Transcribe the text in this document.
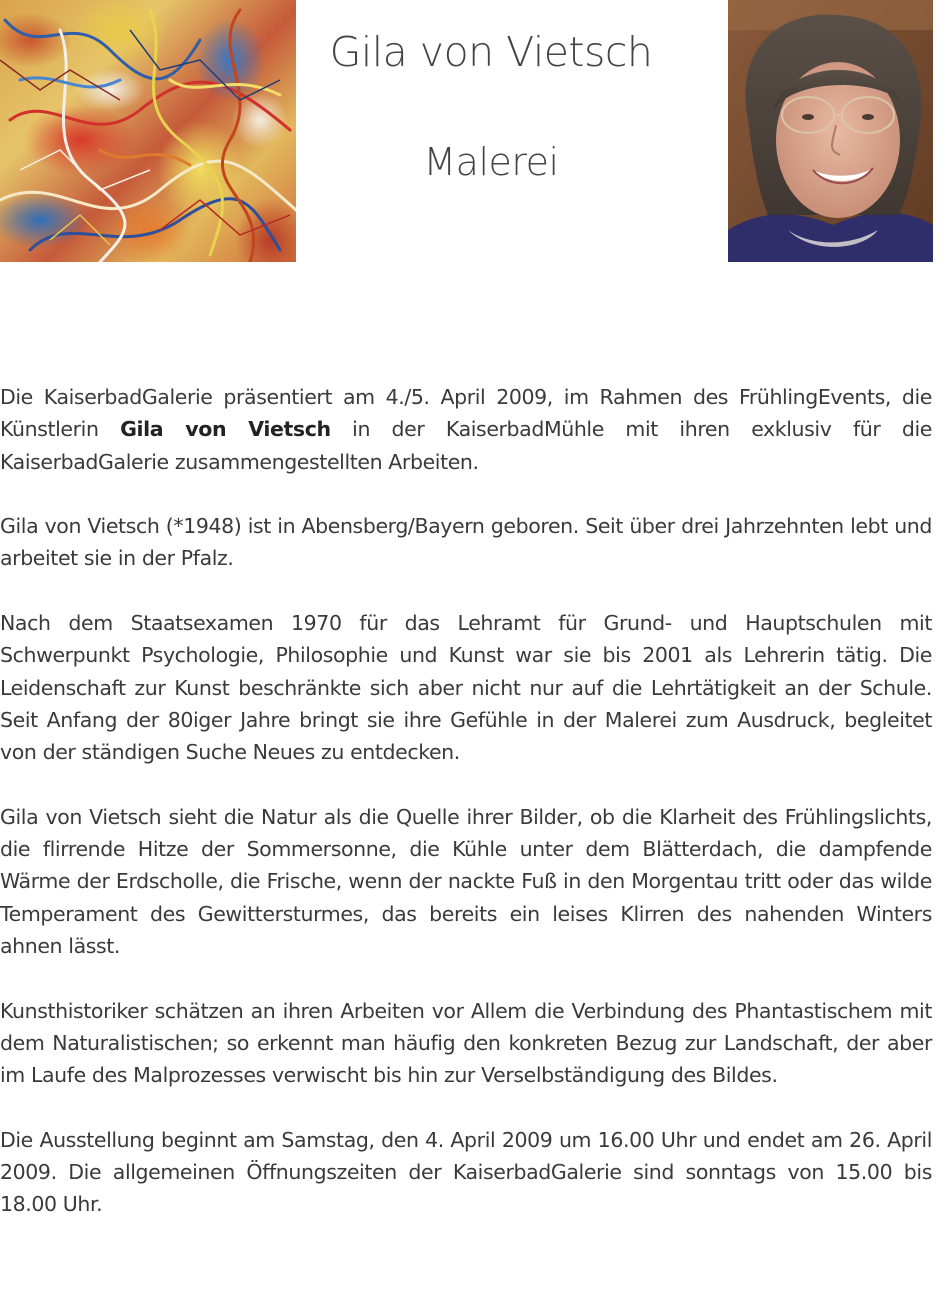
Gila von Vietsch
Malerei

Die KaiserbadGalerie präsentiert am 4./5. April 2009, im Rahmen des FrühlingEvents, die Künstlerin Gila von Vietsch in der KaiserbadMühle mit ihren exklusiv für die KaiserbadGalerie zusammengestellten Arbeiten.

Gila von Vietsch (*1948) ist in Abensberg/Bayern geboren. Seit über drei Jahrzehnten lebt und arbeitet sie in der Pfalz.

Nach dem Staatsexamen 1970 für das Lehramt für Grund- und Hauptschulen mit Schwerpunkt Psychologie, Philosophie und Kunst war sie bis 2001 als Lehrerin tätig. Die Leidenschaft zur Kunst beschränkte sich aber nicht nur auf die Lehrtätigkeit an der Schule. Seit Anfang der 80iger Jahre bringt sie ihre Gefühle in der Malerei zum Ausdruck, begleitet von der ständigen Suche Neues zu entdecken.

Gila von Vietsch sieht die Natur als die Quelle ihrer Bilder, ob die Klarheit des Frühlingslichts, die flirrende Hitze der Sommersonne, die Kühle unter dem Blätterdach, die dampfende Wärme der Erdscholle, die Frische, wenn der nackte Fuß in den Morgentau tritt oder das wilde Temperament des Gewittersturmes, das bereits ein leises Klirren des nahenden Winters ahnen lässt.

Kunsthistoriker schätzen an ihren Arbeiten vor Allem die Verbindung des Phantastischem mit dem Naturalistischen; so erkennt man häufig den konkreten Bezug zur Landschaft, der aber im Laufe des Malprozesses verwischt bis hin zur Verselbständigung des Bildes.

Die Ausstellung beginnt am Samstag, den 4. April 2009 um 16.00 Uhr und endet am 26. April 2009. Die allgemeinen Öffnungszeiten der KaiserbadGalerie sind sonntags von 15.00 bis 18.00 Uhr.
